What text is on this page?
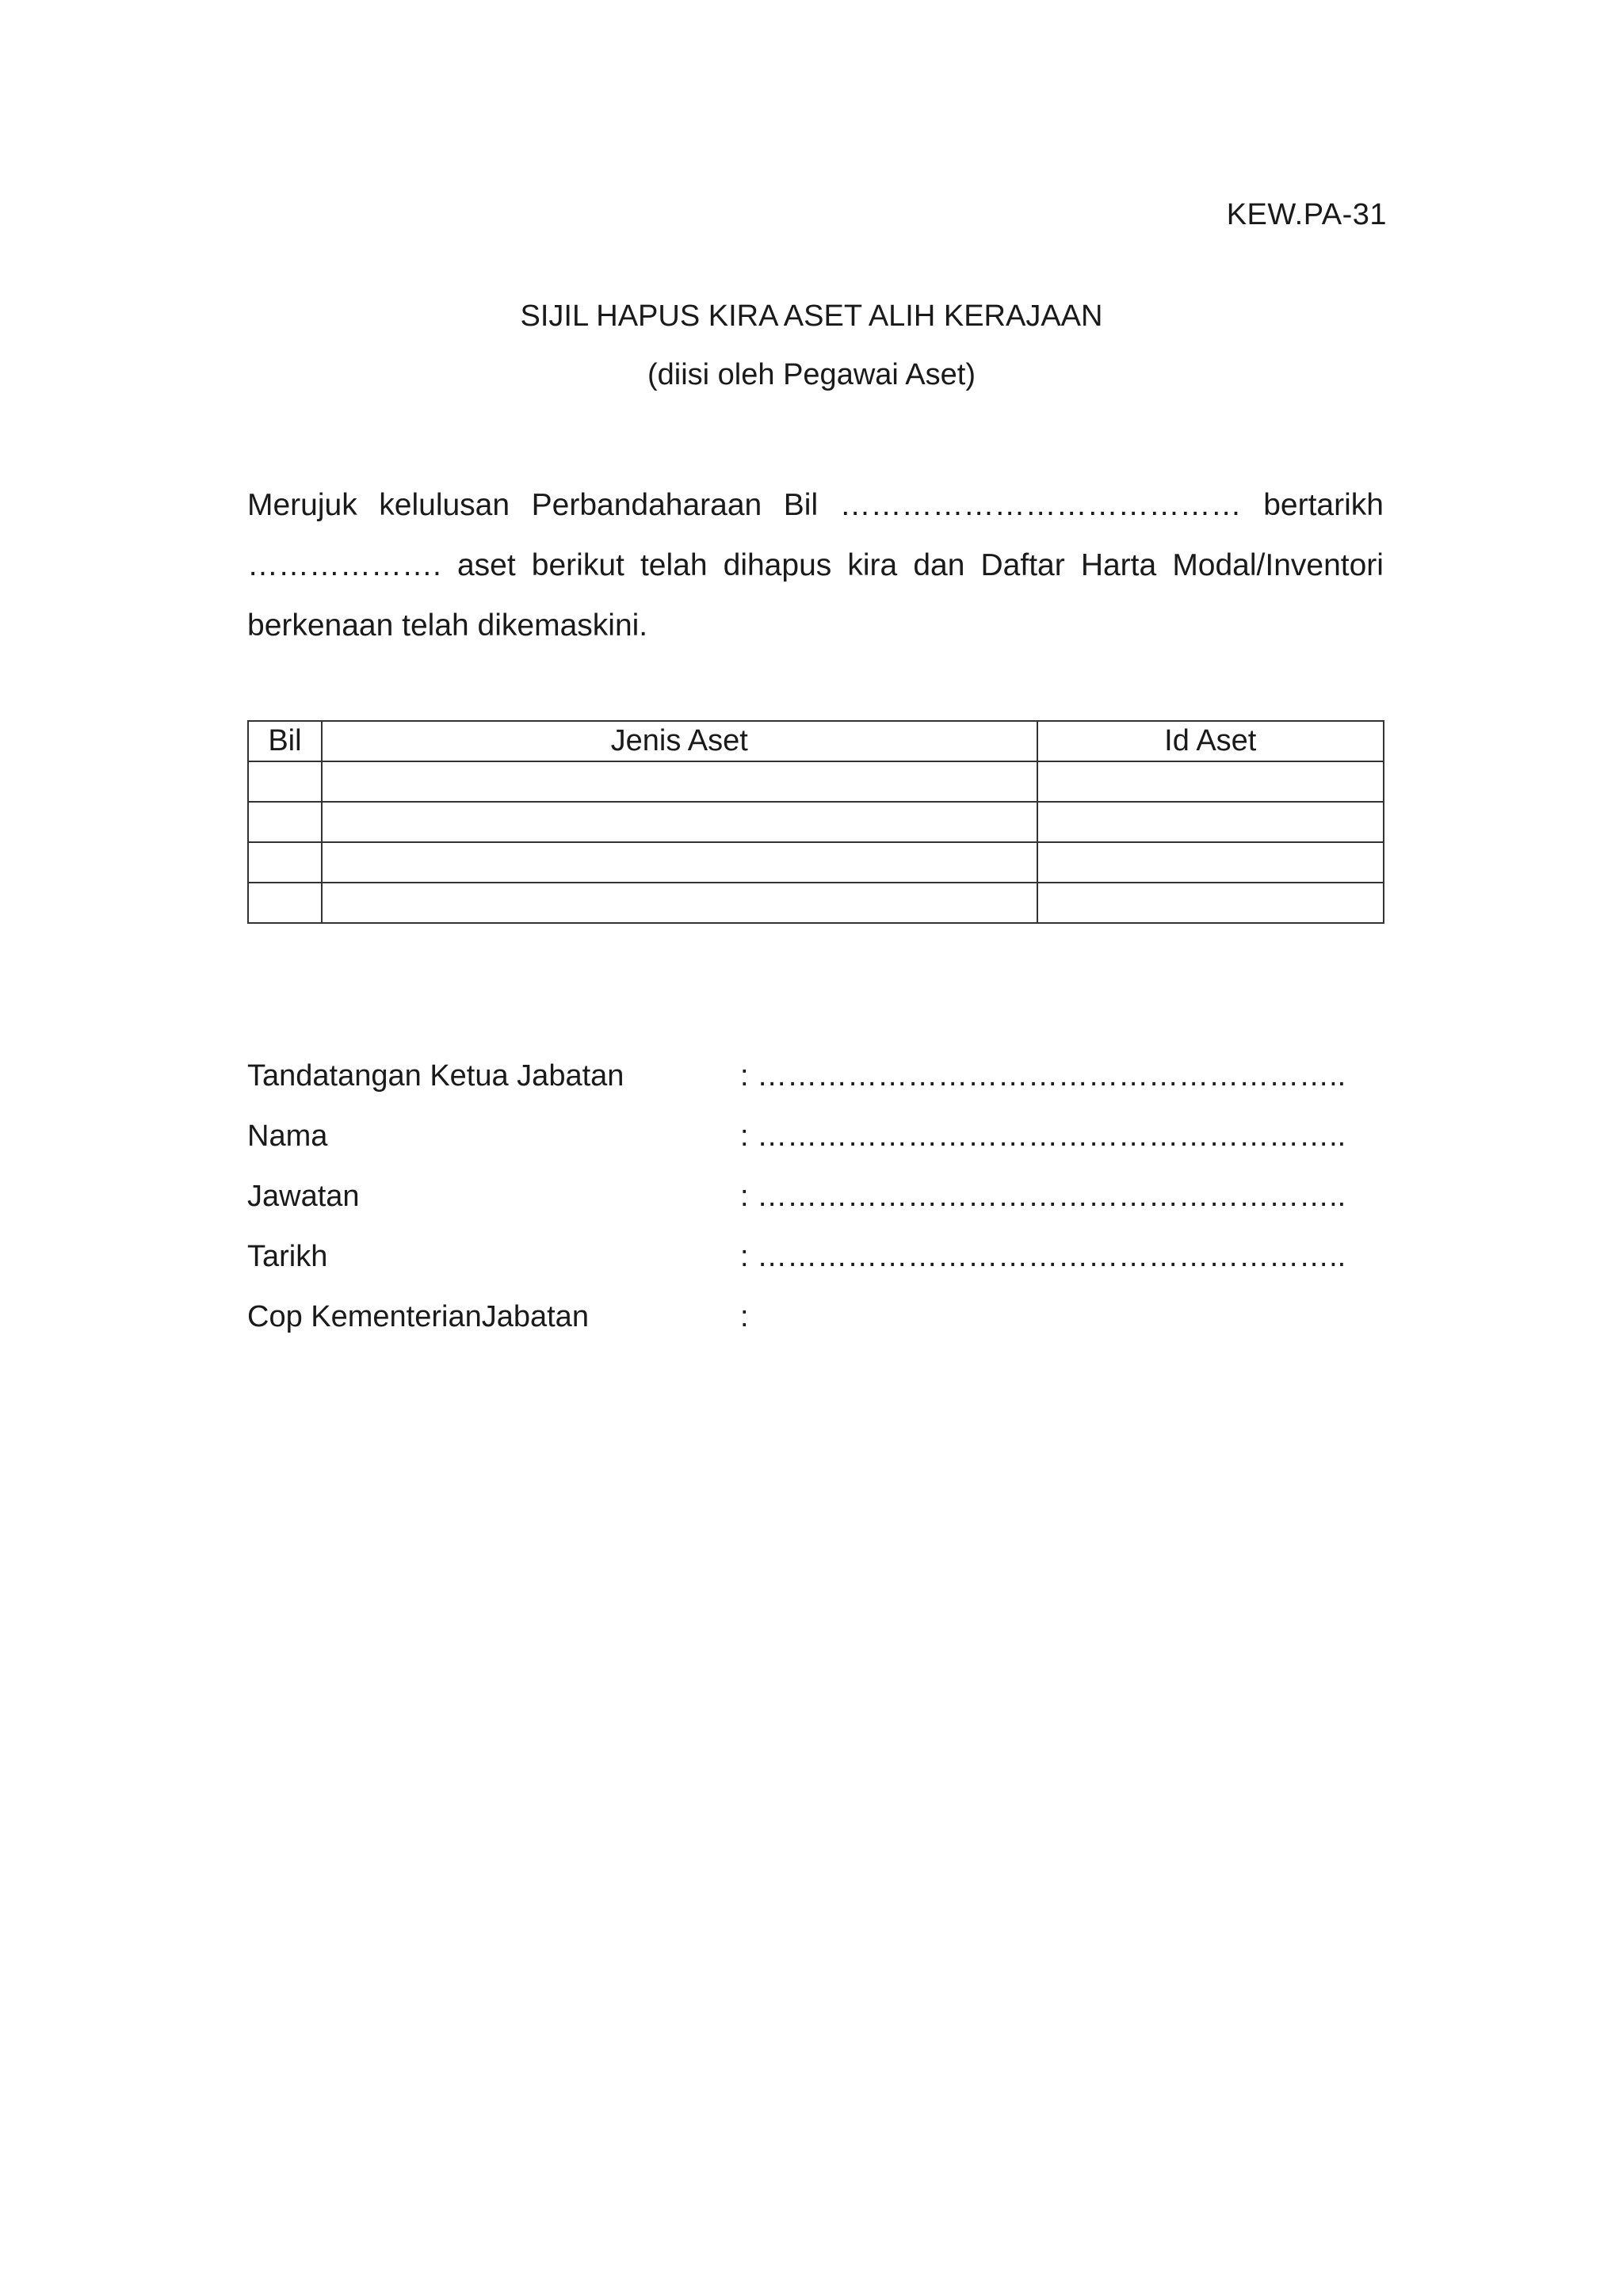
KEW.PA-31
SIJIL HAPUS KIRA ASET ALIH KERAJAAN
(diisi oleh Pegawai Aset)
Merujuk kelulusan Perbandaharaan Bil ………………………………… bertarikh
………………. aset berikut telah dihapus kira dan Daftar Harta Modal/Inventori
berkenaan telah dikemaskini.
Bil	Jenis Aset	Id Aset

Tandatangan Ketua Jabatan	: …………………………………………………..
Nama	: …………………………………………………..
Jawatan	: …………………………………………………..
Tarikh	: …………………………………………………..
Cop KementerianJabatan	:
